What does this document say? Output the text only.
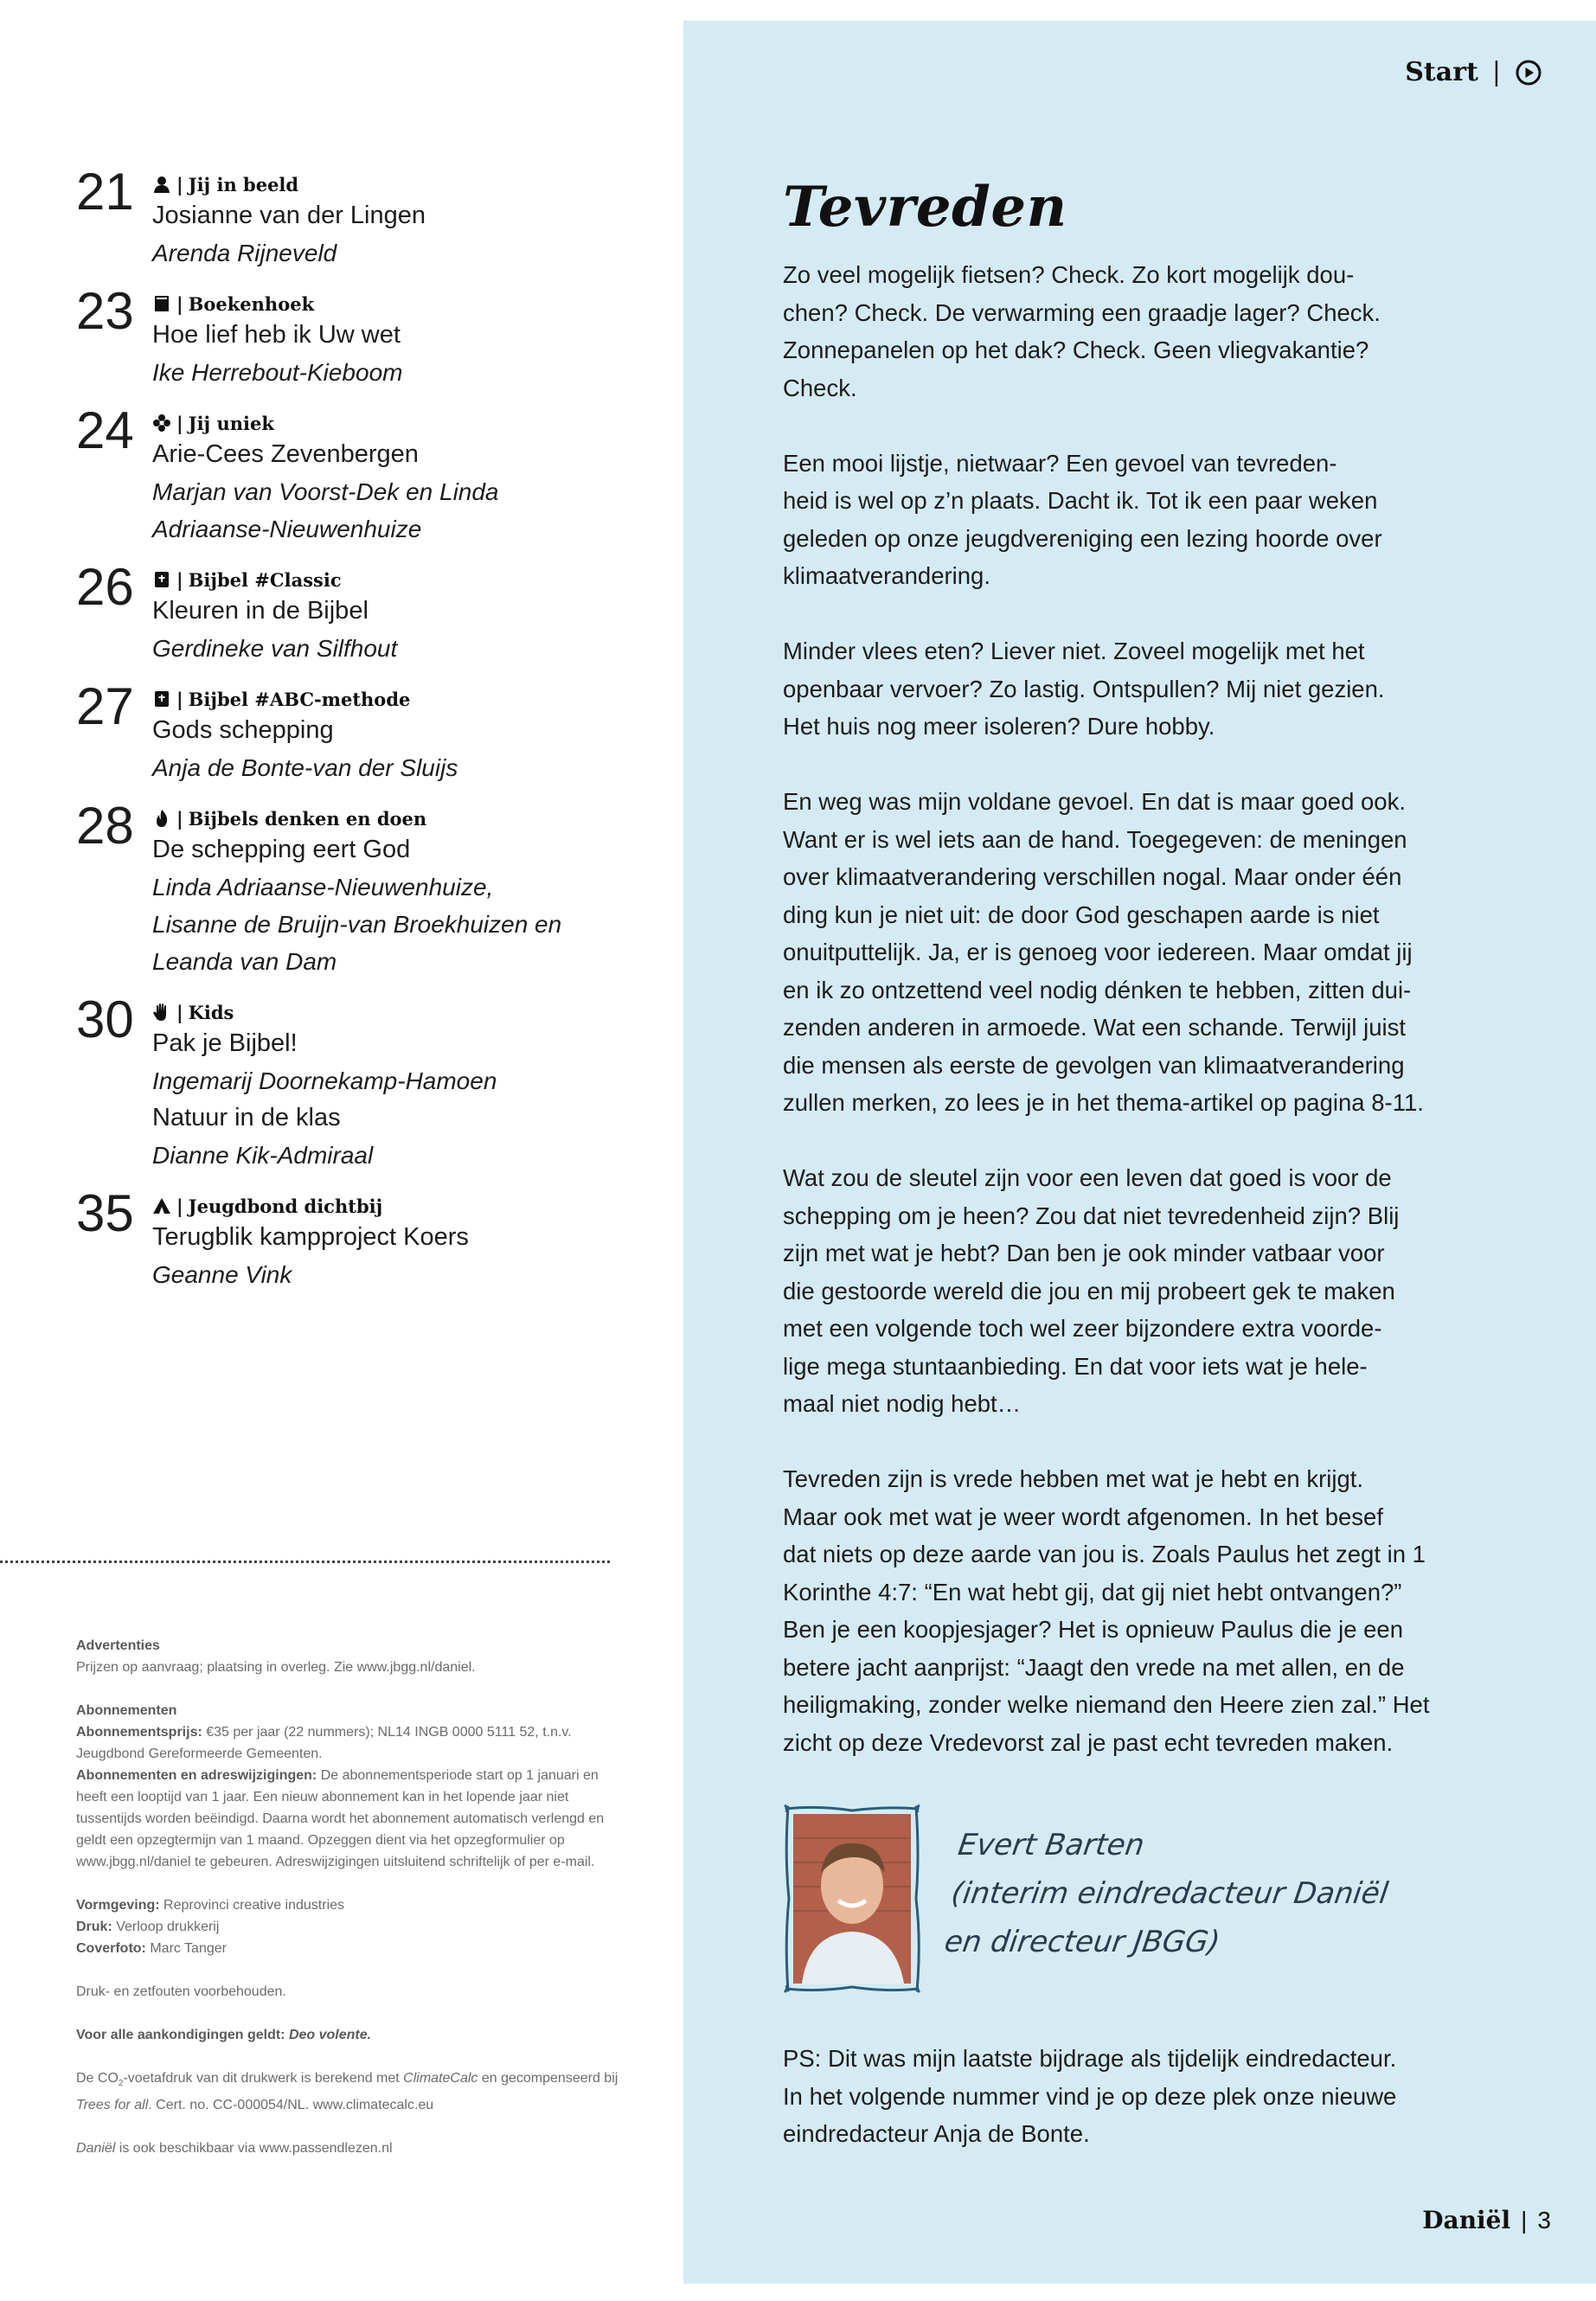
Start |
21	| Jij in beeld
Josianne van der Lingen
Arenda Rijneveld
23	| Boekenhoek
Hoe lief heb ik Uw wet
Ike Herrebout-Kieboom
24	| Jij uniek
Arie-Cees Zevenbergen
Marjan van Voorst-Dek en Linda
Adriaanse-Nieuwenhuize
26	| Bijbel #Classic
Kleuren in de Bijbel
Gerdineke van Silfhout
27	| Bijbel #ABC-methode
Gods schepping
Anja de Bonte-van der Sluijs
28	| Bijbels denken en doen
De schepping eert God
Linda Adriaanse-Nieuwenhuize,
Lisanne de Bruijn-van Broekhuizen en
Leanda van Dam
30	| Kids
Pak je Bijbel!
Ingemarij Doornekamp-Hamoen
Natuur in de klas
Dianne Kik-Admiraal
35	| Jeugdbond dichtbij
Terugblik kampproject Koers
Geanne Vink
Advertenties
Prijzen op aanvraag; plaatsing in overleg. Zie www.jbgg.nl/daniel.
Abonnementen
Abonnementsprijs: €35 per jaar (22 nummers); NL14 INGB 0000 5111 52, t.n.v. Jeugdbond Gereformeerde Gemeenten.
Abonnementen en adreswijzigingen: De abonnementsperiode start op 1 januari en heeft een looptijd van 1 jaar. Een nieuw abonnement kan in het lopende jaar niet tussentijds worden beëindigd. Daarna wordt het abonnement automatisch verlengd en geldt een opzegtermijn van 1 maand. Opzeggen dient via het opzegformulier op www.jbgg.nl/daniel te gebeuren. Adreswijzigingen uitsluitend schriftelijk of per e-mail.
Vormgeving: Reprovinci creative industries
Druk: Verloop drukkerij
Coverfoto: Marc Tanger
Druk- en zetfouten voorbehouden.
Voor alle aankondigingen geldt: Deo volente.
De $CO_2$-voetafdruk van dit drukwerk is berekend met ClimateCalc en gecompenseerd bij Trees for all. Cert. no. CC-000054/NL. www.climatecalc.eu
Daniël is ook beschikbaar via www.passendlezen.nl
Tevreden

Zo veel mogelijk fietsen? Check. Zo kort mogelijk dou-
chen? Check. De verwarming een graadje lager? Check.
Zonnepanelen op het dak? Check. Geen vliegvakantie?
Check.

Een mooi lijstje, nietwaar? Een gevoel van tevreden-
heid is wel op z’n plaats. Dacht ik. Tot ik een paar weken
geleden op onze jeugdvereniging een lezing hoorde over
klimaatverandering.

Minder vlees eten? Liever niet. Zoveel mogelijk met het
openbaar vervoer? Zo lastig. Ontspullen? Mij niet gezien.
Het huis nog meer isoleren? Dure hobby.

En weg was mijn voldane gevoel. En dat is maar goed ook.
Want er is wel iets aan de hand. Toegegeven: de meningen
over klimaatverandering verschillen nogal. Maar onder één
ding kun je niet uit: de door God geschapen aarde is niet
onuitputtelijk. Ja, er is genoeg voor iedereen. Maar omdat jij
en ik zo ontzettend veel nodig dénken te hebben, zitten dui-
zenden anderen in armoede. Wat een schande. Terwijl juist
die mensen als eerste de gevolgen van klimaatverandering
zullen merken, zo lees je in het thema-artikel op pagina 8-11.

Wat zou de sleutel zijn voor een leven dat goed is voor de
schepping om je heen? Zou dat niet tevredenheid zijn? Blij
zijn met wat je hebt? Dan ben je ook minder vatbaar voor
die gestoorde wereld die jou en mij probeert gek te maken
met een volgende toch wel zeer bijzondere extra voorde-
lige mega stuntaanbieding. En dat voor iets wat je hele-
maal niet nodig hebt…

Tevreden zijn is vrede hebben met wat je hebt en krijgt.
Maar ook met wat je weer wordt afgenomen. In het besef
dat niets op deze aarde van jou is. Zoals Paulus het zegt in 1
Korinthe 4:7: “En wat hebt gij, dat gij niet hebt ontvangen?”
Ben je een koopjesjager? Het is opnieuw Paulus die je een
betere jacht aanprijst: “Jaagt den vrede na met allen, en de
heiligmaking, zonder welke niemand den Heere zien zal.” Het
zicht op deze Vredevorst zal je past echt tevreden maken.

Evert Barten
(interim eindredacteur Daniël
en directeur JBGG)

PS: Dit was mijn laatste bijdrage als tijdelijk eindredacteur.
In het volgende nummer vind je op deze plek onze nieuwe
eindredacteur Anja de Bonte.

Daniël | 3
